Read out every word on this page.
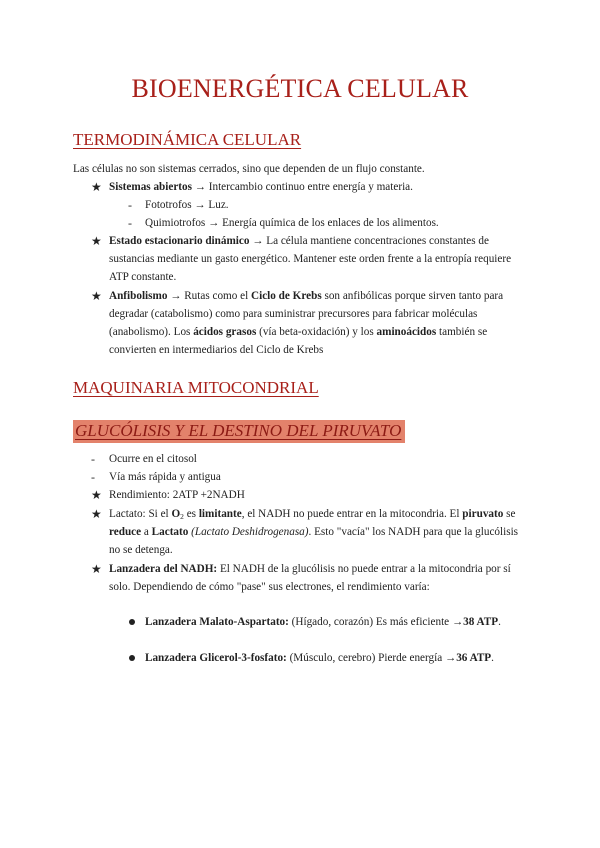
BIOENERGÉTICA CELULAR
TERMODINÁMICA CELULAR
Las células no son sistemas cerrados, sino que dependen de un flujo constante.
★ Sistemas abiertos → Intercambio continuo entre energía y materia.
- Fototrofos → Luz.
- Quimiotrofos → Energía química de los enlaces de los alimentos.
★ Estado estacionario dinámico → La célula mantiene concentraciones constantes de
sustancias mediante un gasto energético. Mantener este orden frente a la entropía requiere
ATP constante.
★ Anfibolismo → Rutas como el Ciclo de Krebs son anfibólicas porque sirven tanto para
degradar (catabolismo) como para suministrar precursores para fabricar moléculas
(anabolismo). Los ácidos grasos (vía beta-oxidación) y los aminoácidos también se
convierten en intermediarios del Ciclo de Krebs
MAQUINARIA MITOCONDRIAL
GLUCÓLISIS Y EL DESTINO DEL PIRUVATO
- Ocurre en el citosol
- Vía más rápida y antigua
★ Rendimiento: 2ATP +2NADH
★ Lactato: Si el $O_2$ es limitante, el NADH no puede entrar en la mitocondria. El piruvato se
reduce a Lactato (Lactato Deshidrogenasa). Esto "vacía" los NADH para que la glucólisis
no se detenga.
★ Lanzadera del NADH: El NADH de la glucólisis no puede entrar a la mitocondria por sí
solo. Dependiendo de cómo "pase" sus electrones, el rendimiento varía:
Lanzadera Malato-Aspartato: (Hígado, corazón) Es más eficiente →38 ATP.
Lanzadera Glicerol-3-fosfato: (Músculo, cerebro) Pierde energía →36 ATP.
